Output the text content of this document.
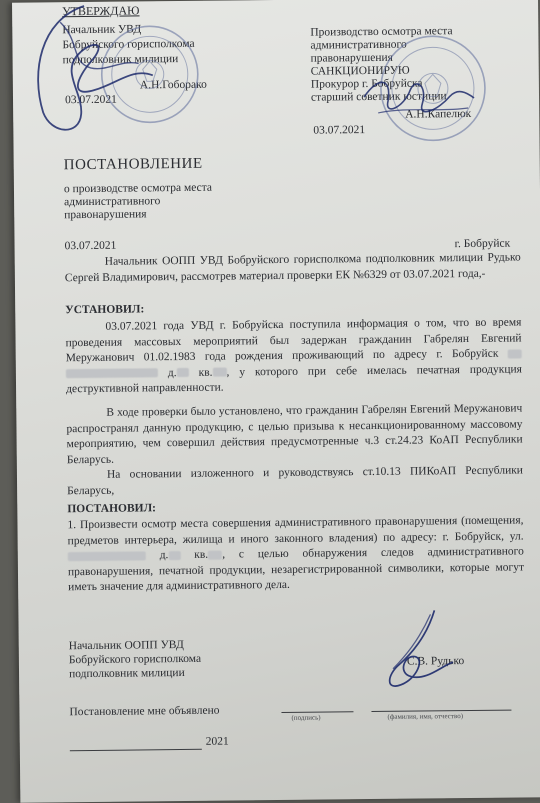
УТВЕРЖДАЮ
Начальник УВД
Бобруйского горисполкома
подполковник милиции
А.Н.Гоборако
03.07.2021
Производство осмотра места
административного
правонарушения
САНКЦИОНИРУЮ
Прокурор г. Бобруйска
старший советник юстиции
А.Н.Капелюк
03.07.2021
ПОСТАНОВЛЕНИЕ
о производстве осмотра места
административного
правонарушения
03.07.2021	г. Бобруйск
Начальник ООПП УВД Бобруйского горисполкома подполковник милиции Рудько Сергей Владимирович, рассмотрев материал проверки ЕК №6329 от 03.07.2021 года,-
УСТАНОВИЛ:
03.07.2021 года УВД г. Бобруйска поступила информация о том, что во время проведения массовых мероприятий был задержан гражданин Габрелян Евгений Меружанович 01.02.1983 года рождения проживающий по адресу г. Бобруйск   д. кв. , у которого при себе имелась печатная продукция деструктивной направленности.
В ходе проверки было установлено, что гражданин Габрелян Евгений Меружанович распространял данную продукцию, с целью призыва к несанкционированному массовому мероприятию, чем совершил действия предусмотренные ч.3 ст.24.23 КоАП Республики Беларусь.
На основании изложенного и руководствуясь ст.10.13 ПИКоАП Республики Беларусь,
ПОСТАНОВИЛ:
1. Произвести осмотр места совершения административного правонарушения (помещения, предметов интерьера, жилища и иного законного владения) по адресу: г. Бобруйск, ул.  д. кв. , с целью обнаружения следов административного правонарушения, печатной продукции, незарегистрированной символики, которые могут иметь значение для административного дела.
Начальник ООПП УВД
Бобруйского горисполкома
подполковник милиции
С.В. Рудько
Постановление мне объявлено	(подпись)	(фамилия, имя, отчество)
2021
